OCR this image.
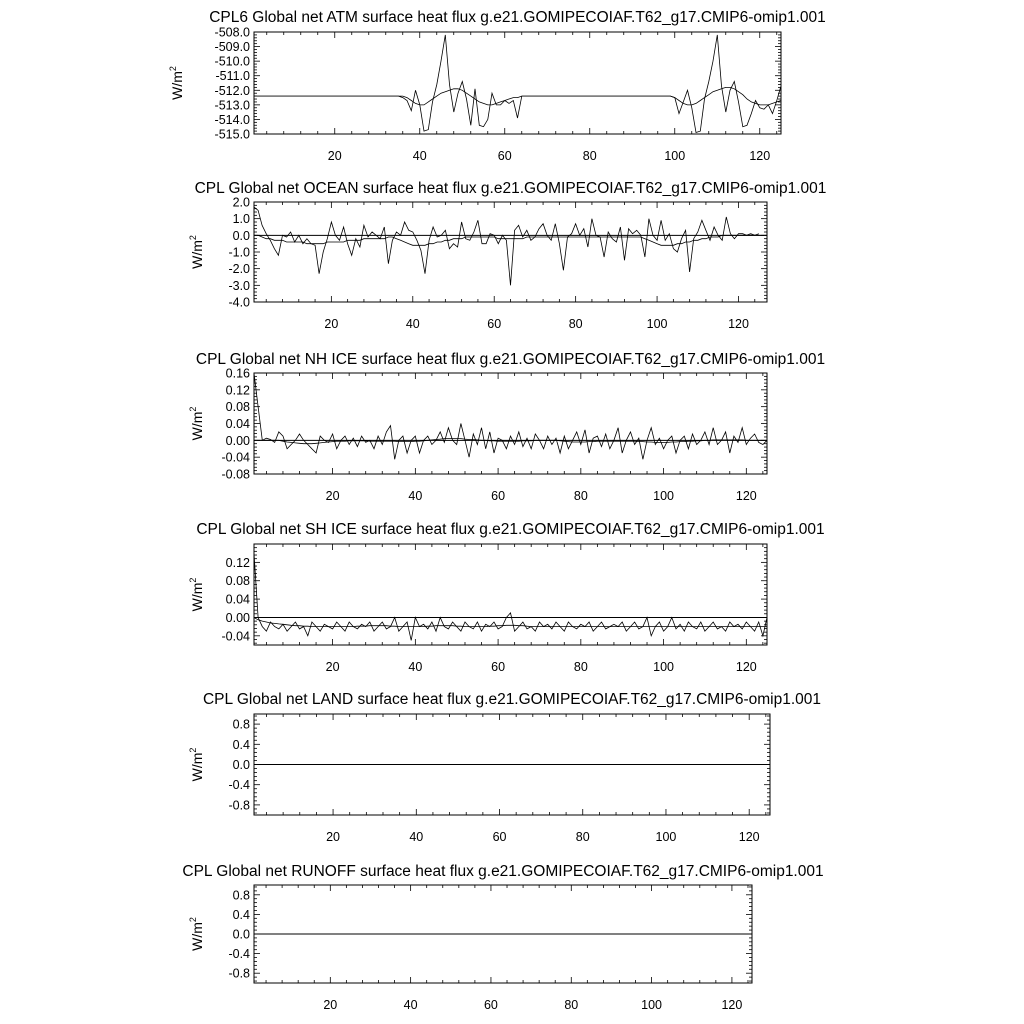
CPL6 Global net ATM surface heat flux g.e21.GOMIPECOIAF.T62_g17.CMIP6-omip1.001
-508.0
-509.0
-510.0
-511.0
-512.0
-513.0
-514.0
-515.0
20	40	60	80	100	120
$W/m^2$
CPL Global net OCEAN surface heat flux g.e21.GOMIPECOIAF.T62_g17.CMIP6-omip1.001
2.0
1.0
0.0
-1.0
-2.0
-3.0
-4.0
20	40	60	80	100	120
$W/m^2$
CPL Global net NH ICE surface heat flux g.e21.GOMIPECOIAF.T62_g17.CMIP6-omip1.001
0.16
0.12
0.08
0.04
0.00
-0.04
-0.08
20	40	60	80	100	120
$W/m^2$
CPL Global net SH ICE surface heat flux g.e21.GOMIPECOIAF.T62_g17.CMIP6-omip1.001
0.12
0.08
0.04
0.00
-0.04
20	40	60	80	100	120
$W/m^2$
CPL Global net LAND surface heat flux g.e21.GOMIPECOIAF.T62_g17.CMIP6-omip1.001
0.8
0.4
0.0
-0.4
-0.8
20	40	60	80	100	120
$W/m^2$
CPL Global net RUNOFF surface heat flux g.e21.GOMIPECOIAF.T62_g17.CMIP6-omip1.001
0.8
0.4
0.0
-0.4
-0.8
20	40	60	80	100	120
$W/m^2$
